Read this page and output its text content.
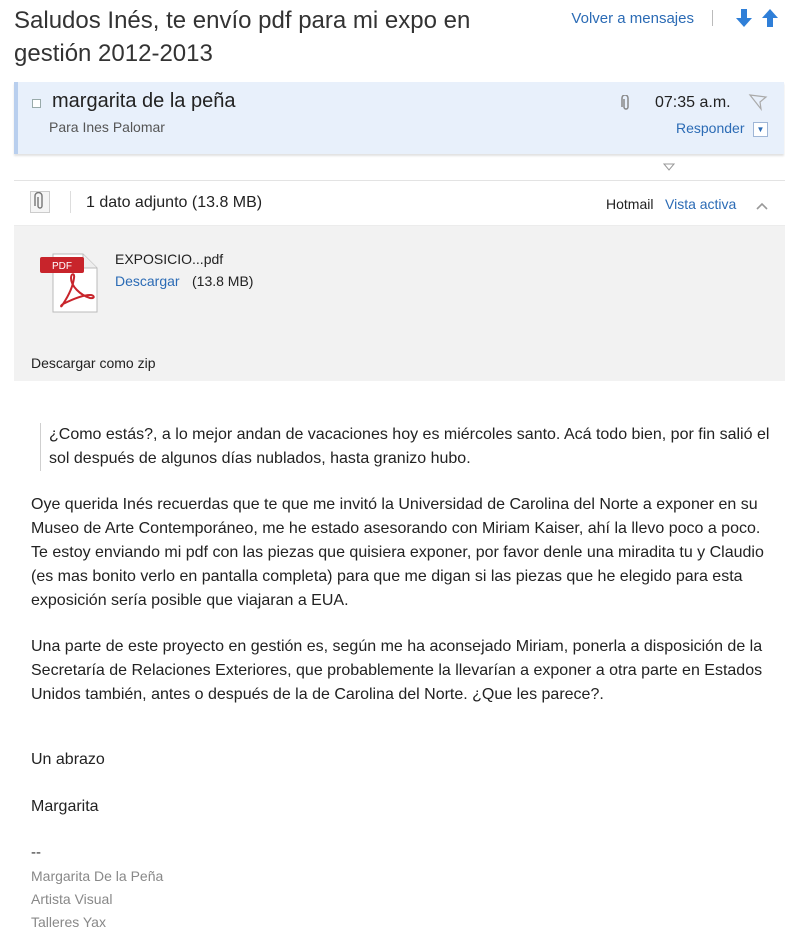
Saludos Inés, te envío pdf para mi expo en gestión 2012-2013
Volver a mensajes
margarita de la peña
Para Ines Palomar
07:35 a.m.
Responder	▼
1 dato adjunto (13.8 MB)	Hotmail Vista activa
PDF	EXPOSICIO...pdf
Descargar (13.8 MB)
Descargar como zip
¿Como estás?, a lo mejor andan de vacaciones hoy es miércoles santo. Acá todo bien, por fin salió el sol después de algunos días nublados, hasta granizo hubo.
Oye querida Inés recuerdas que te que me invitó la Universidad de Carolina del Norte a exponer en su Museo de Arte Contemporáneo, me he estado asesorando con Miriam Kaiser, ahí la llevo poco a poco. Te estoy enviando mi pdf con las piezas que quisiera exponer, por favor denle una miradita tu y Claudio (es mas bonito verlo en pantalla completa) para que me digan si las piezas que he elegido para esta exposición sería posible que viajaran a EUA.
Una parte de este proyecto en gestión es, según me ha aconsejado Miriam, ponerla a disposición de la Secretaría de Relaciones Exteriores, que probablemente la llevarían a exponer a otra parte en Estados Unidos también, antes o después de la de Carolina del Norte. ¿Que les parece?.
Un abrazo
Margarita
--
Margarita De la Peña
Artista Visual
Talleres Yax
